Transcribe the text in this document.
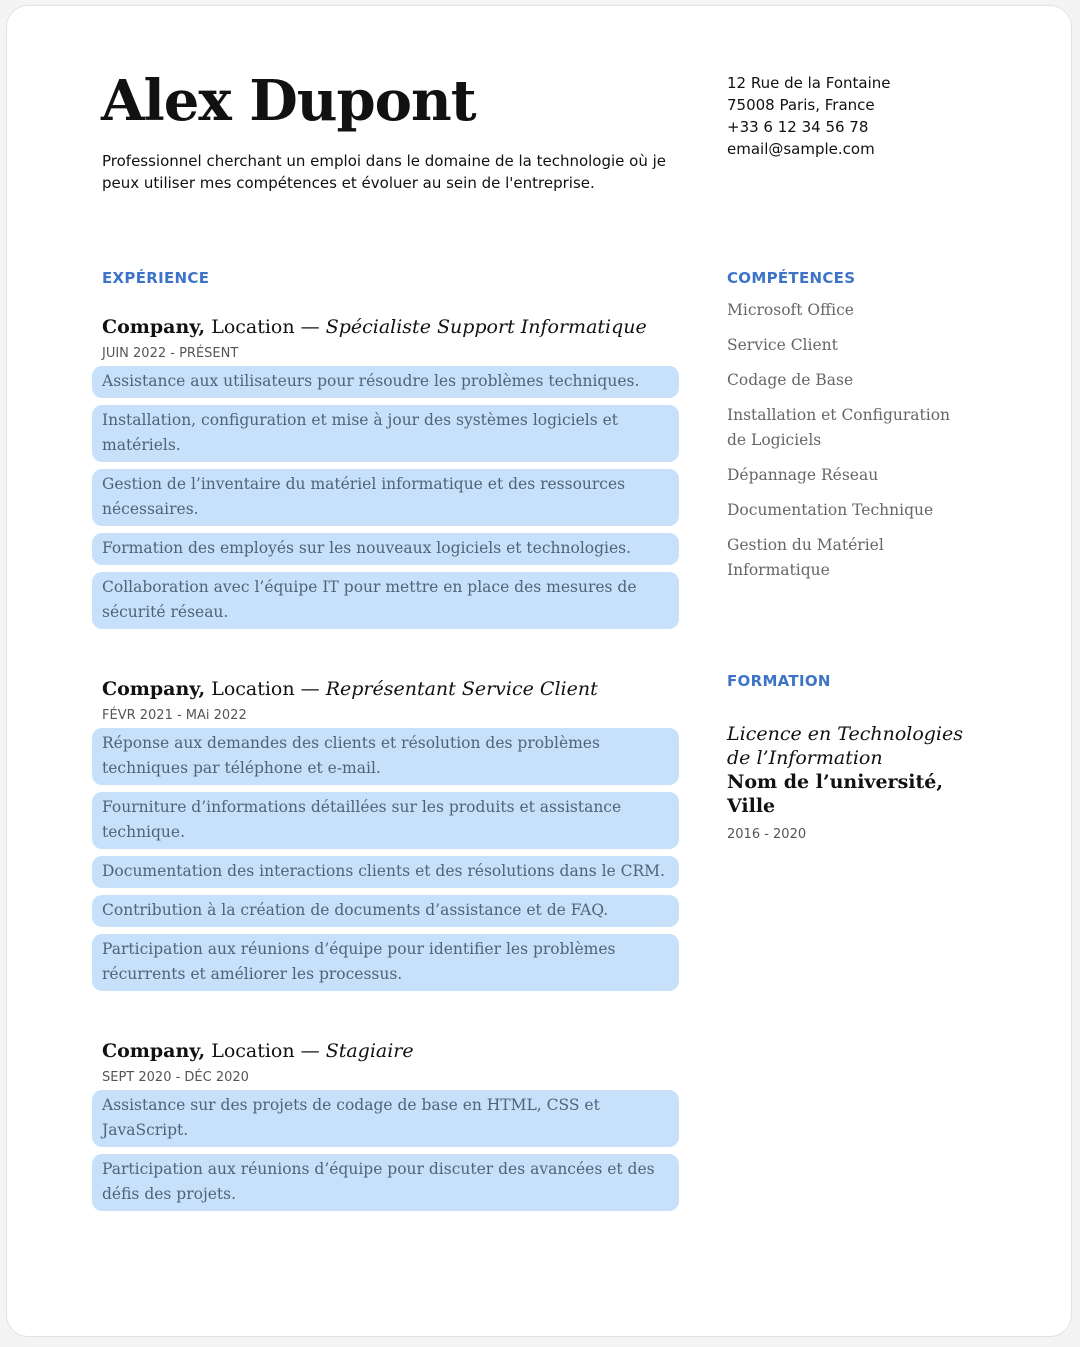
Alex Dupont
Professionnel cherchant un emploi dans le domaine de la technologie où je peux utiliser mes compétences et évoluer au sein de l'entreprise.
12 Rue de la Fontaine
75008 Paris, France
+33 6 12 34 56 78
email@sample.com
EXPÉRIENCE
Company, Location — Spécialiste Support Informatique
JUIN 2022 - PRÉSENT
Assistance aux utilisateurs pour résoudre les problèmes techniques.
Installation, configuration et mise à jour des systèmes logiciels et matériels.
Gestion de l’inventaire du matériel informatique et des ressources nécessaires.
Formation des employés sur les nouveaux logiciels et technologies.
Collaboration avec l’équipe IT pour mettre en place des mesures de sécurité réseau.
Company, Location — Représentant Service Client
FÉVR 2021 - MAi 2022
Réponse aux demandes des clients et résolution des problèmes techniques par téléphone et e-mail.
Fourniture d’informations détaillées sur les produits et assistance technique.
Documentation des interactions clients et des résolutions dans le CRM.
Contribution à la création de documents d’assistance et de FAQ.
Participation aux réunions d’équipe pour identifier les problèmes récurrents et améliorer les processus.
Company, Location — Stagiaire
SEPT 2020 - DÉC 2020
Assistance sur des projets de codage de base en HTML, CSS et JavaScript.
Participation aux réunions d’équipe pour discuter des avancées et des défis des projets.
COMPÉTENCES
Microsoft Office
Service Client
Codage de Base
Installation et Configuration de Logiciels
Dépannage Réseau
Documentation Technique
Gestion du Matériel Informatique
FORMATION
Licence en Technologies de l’Information
Nom de l’université,
Ville
2016 - 2020
